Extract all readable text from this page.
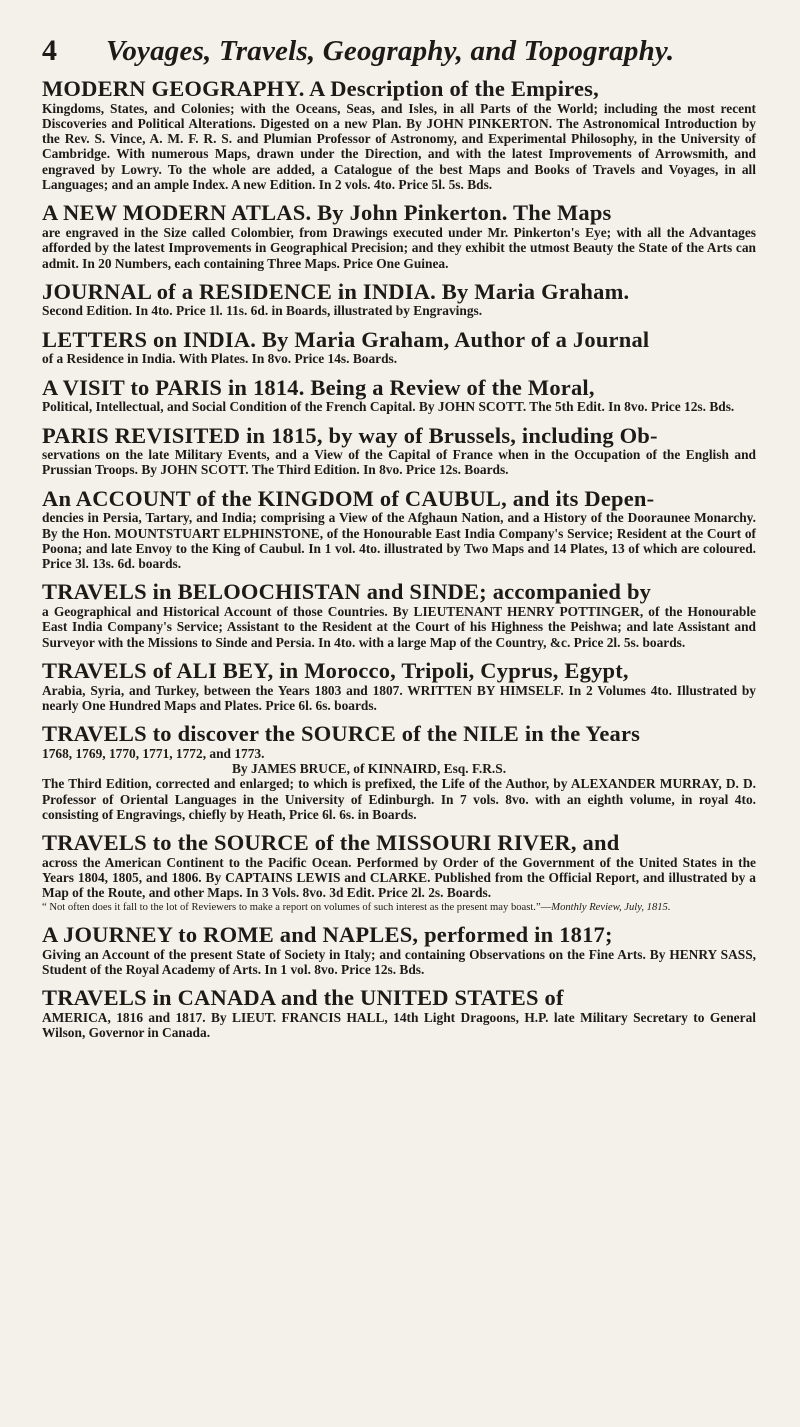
4	Voyages, Travels, Geography, and Topography.
MODERN GEOGRAPHY. A Description of the Empires,
Kingdoms, States, and Colonies; with the Oceans, Seas, and Isles, in all Parts of the World; including the most recent Discoveries and Political Alterations. Digested on a new Plan. By JOHN PINKERTON. The Astronomical Introduction by the Rev. S. Vince, A. M. F. R. S. and Plumian Professor of Astronomy, and Experimental Philosophy, in the University of Cambridge. With numerous Maps, drawn under the Direction, and with the latest Improvements of Arrowsmith, and engraved by Lowry. To the whole are added, a Catalogue of the best Maps and Books of Travels and Voyages, in all Languages; and an ample Index. A new Edition. In 2 vols. 4to. Price 5l. 5s. Bds.
A NEW MODERN ATLAS. By John Pinkerton. The Maps
are engraved in the Size called Colombier, from Drawings executed under Mr. Pinkerton's Eye; with all the Advantages afforded by the latest Improvements in Geographical Precision; and they exhibit the utmost Beauty the State of the Arts can admit. In 20 Numbers, each containing Three Maps. Price One Guinea.
JOURNAL of a RESIDENCE in INDIA. By Maria Graham.
Second Edition. In 4to. Price 1l. 11s. 6d. in Boards, illustrated by Engravings.
LETTERS on INDIA. By Maria Graham, Author of a Journal
of a Residence in India. With Plates. In 8vo. Price 14s. Boards.
A VISIT to PARIS in 1814. Being a Review of the Moral,
Political, Intellectual, and Social Condition of the French Capital. By JOHN SCOTT. The 5th Edit. In 8vo. Price 12s. Bds.
PARIS REVISITED in 1815, by way of Brussels, including Ob-
servations on the late Military Events, and a View of the Capital of France when in the Occupation of the English and Prussian Troops. By JOHN SCOTT. The Third Edition. In 8vo. Price 12s. Boards.
An ACCOUNT of the KINGDOM of CAUBUL, and its Depen-
dencies in Persia, Tartary, and India; comprising a View of the Afghaun Nation, and a History of the Dooraunee Monarchy. By the Hon. MOUNTSTUART ELPHINSTONE, of the Honourable East India Company's Service; Resident at the Court of Poona; and late Envoy to the King of Caubul. In 1 vol. 4to. illustrated by Two Maps and 14 Plates, 13 of which are coloured. Price 3l. 13s. 6d. boards.
TRAVELS in BELOOCHISTAN and SINDE; accompanied by
a Geographical and Historical Account of those Countries. By LIEUTENANT HENRY POTTINGER, of the Honourable East India Company's Service; Assistant to the Resident at the Court of his Highness the Peishwa; and late Assistant and Surveyor with the Missions to Sinde and Persia. In 4to. with a large Map of the Country, &c. Price 2l. 5s. boards.
TRAVELS of ALI BEY, in Morocco, Tripoli, Cyprus, Egypt,
Arabia, Syria, and Turkey, between the Years 1803 and 1807. WRITTEN BY HIMSELF. In 2 Volumes 4to. Illustrated by nearly One Hundred Maps and Plates. Price 6l. 6s. boards.
TRAVELS to discover the SOURCE of the NILE in the Years
1768, 1769, 1770, 1771, 1772, and 1773.
By JAMES BRUCE, of KINNAIRD, Esq. F.R.S.
The Third Edition, corrected and enlarged; to which is prefixed, the Life of the Author, by ALEXANDER MURRAY, D. D. Professor of Oriental Languages in the University of Edinburgh. In 7 vols. 8vo. with an eighth volume, in royal 4to. consisting of Engravings, chiefly by Heath, Price 6l. 6s. in Boards.
TRAVELS to the SOURCE of the MISSOURI RIVER, and
across the American Continent to the Pacific Ocean. Performed by Order of the Government of the United States in the Years 1804, 1805, and 1806. By CAPTAINS LEWIS and CLARKE. Published from the Official Report, and illustrated by a Map of the Route, and other Maps. In 3 Vols. 8vo. 3d Edit. Price 2l. 2s. Boards.
“ Not often does it fall to the lot of Reviewers to make a report on volumes of such interest as the present may boast.”—Monthly Review, July, 1815.
A JOURNEY to ROME and NAPLES, performed in 1817;
Giving an Account of the present State of Society in Italy; and containing Observations on the Fine Arts. By HENRY SASS, Student of the Royal Academy of Arts. In 1 vol. 8vo. Price 12s. Bds.
TRAVELS in CANADA and the UNITED STATES of
AMERICA, 1816 and 1817. By LIEUT. FRANCIS HALL, 14th Light Dragoons, H.P. late Military Secretary to General Wilson, Governor in Canada.
